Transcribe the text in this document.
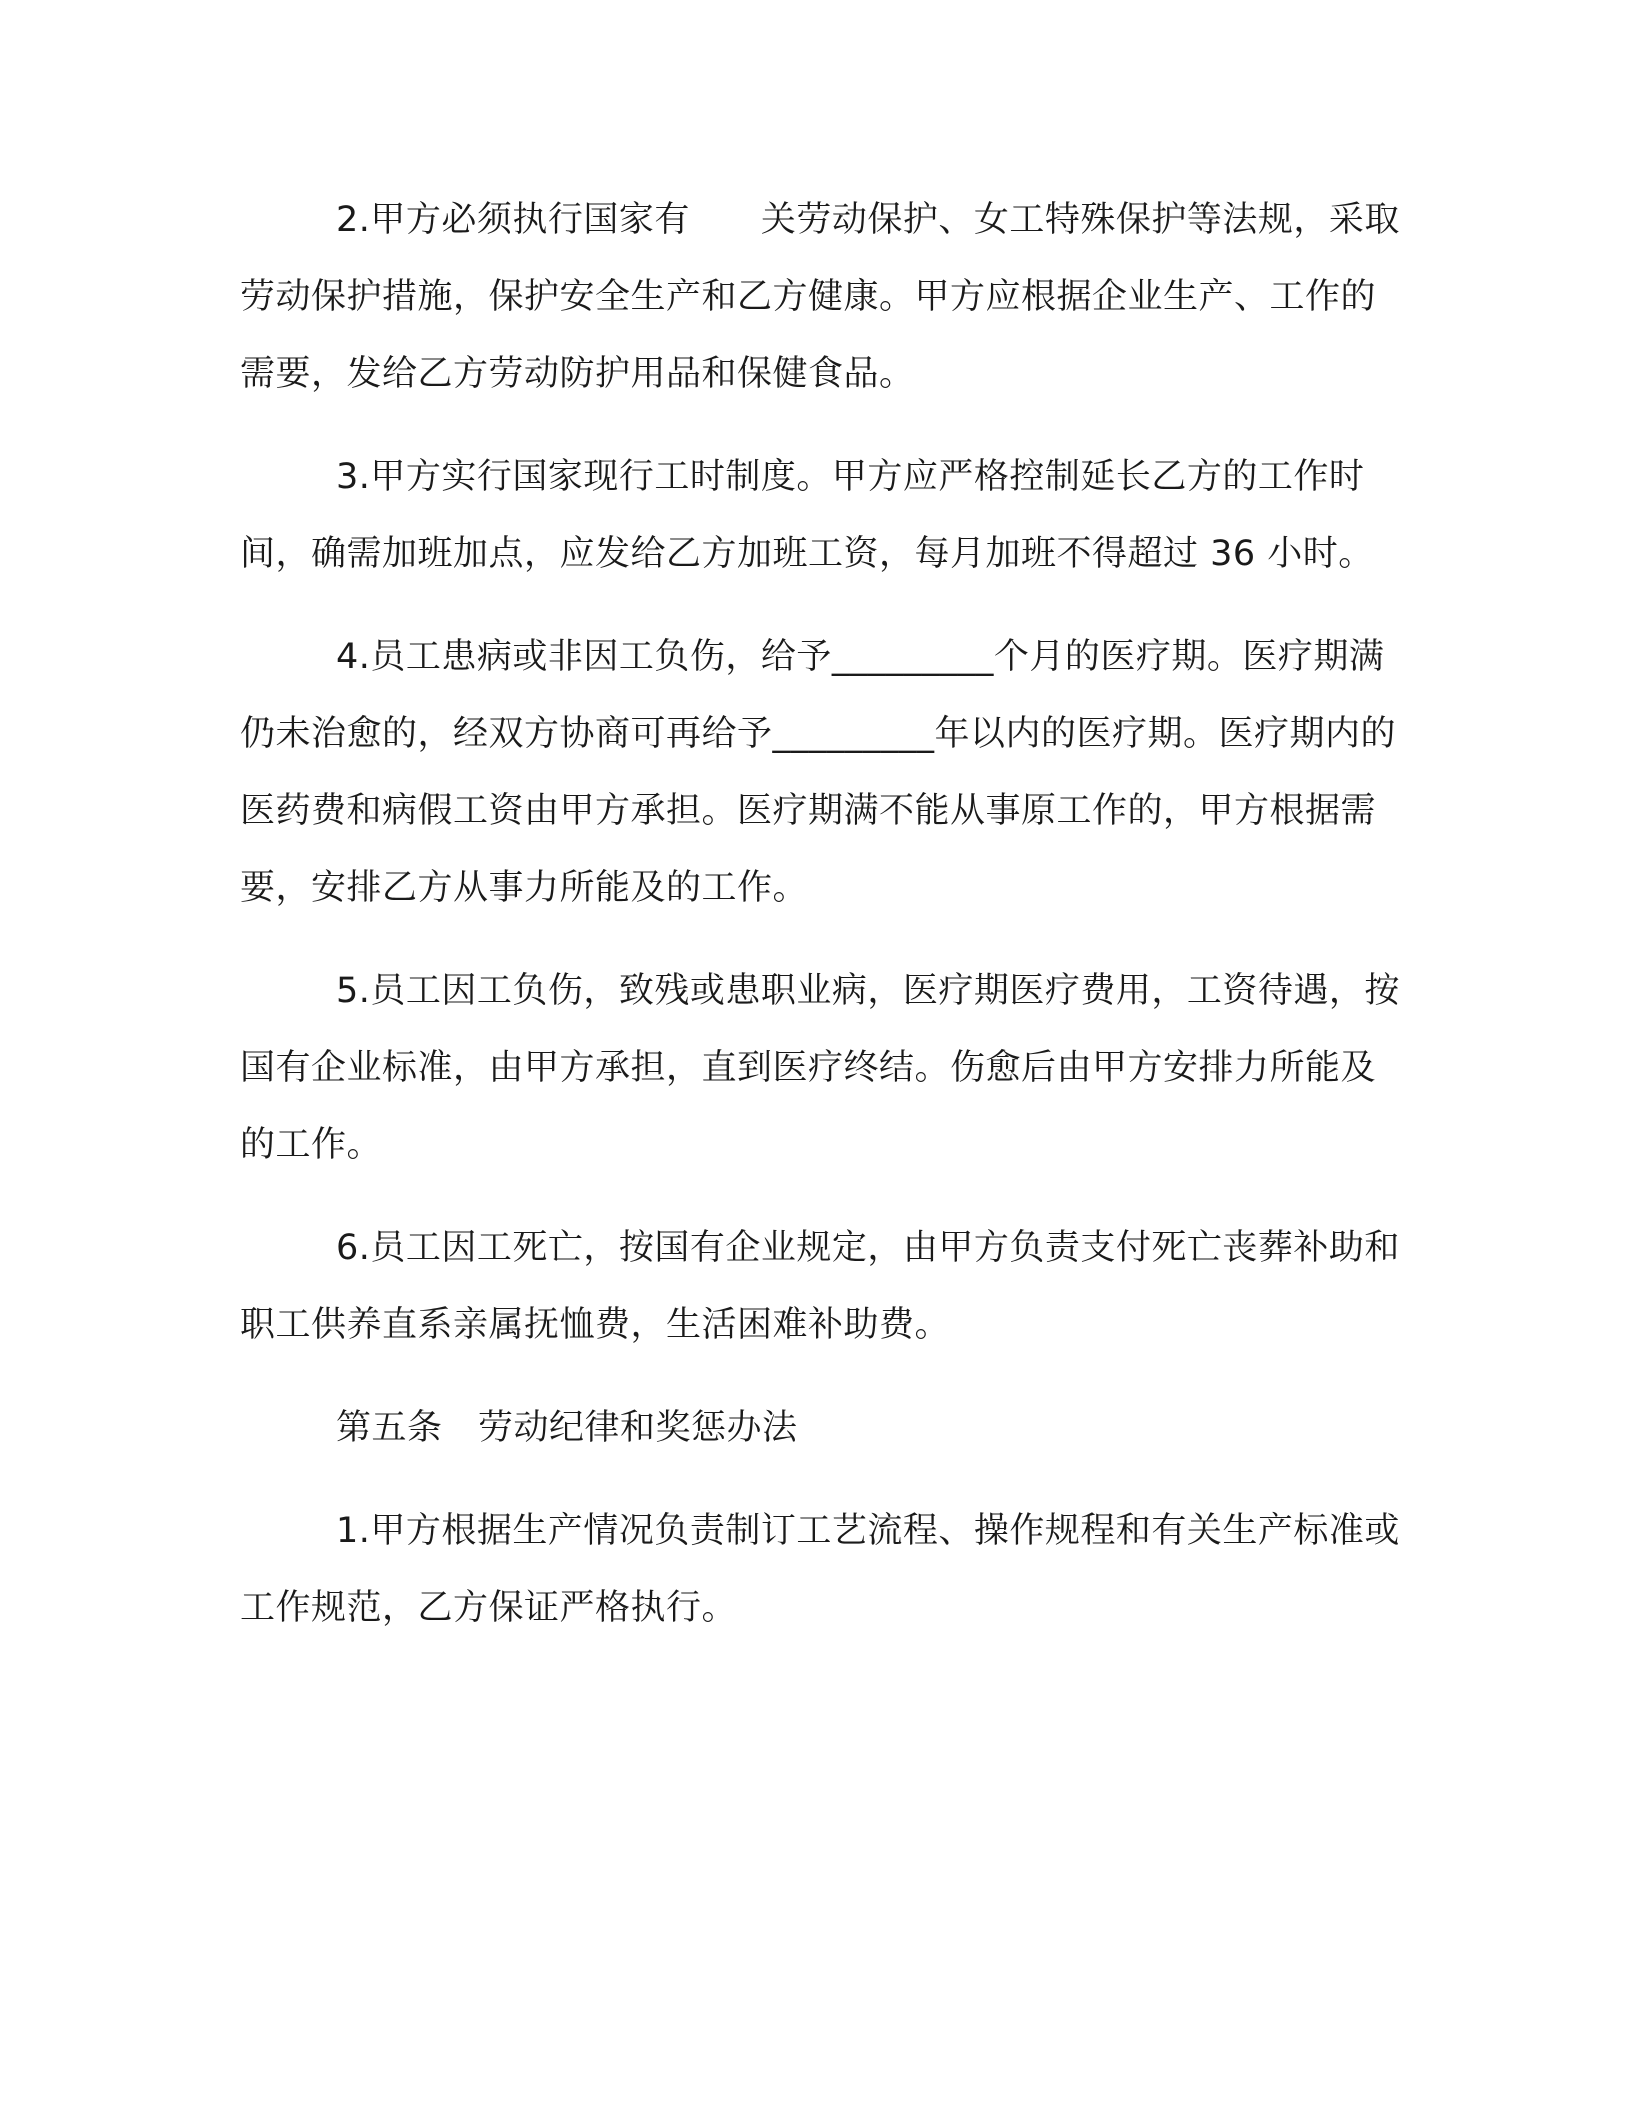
2.甲方必须执行国家有　　关劳动保护、女工特殊保护等法规，采取劳动保护措施，保护安全生产和乙方健康。甲方应根据企业生产、工作的需要，发给乙方劳动防护用品和保健食品。

3.甲方实行国家现行工时制度。甲方应严格控制延长乙方的工作时间，确需加班加点，应发给乙方加班工资，每月加班不得超过 36 小时。

4.员工患病或非因工负伤，给予_________个月的医疗期。医疗期满仍未治愈的，经双方协商可再给予_________年以内的医疗期。医疗期内的医药费和病假工资由甲方承担。医疗期满不能从事原工作的，甲方根据需要，安排乙方从事力所能及的工作。

5.员工因工负伤，致残或患职业病，医疗期医疗费用，工资待遇，按国有企业标准，由甲方承担，直到医疗终结。伤愈后由甲方安排力所能及的工作。

6.员工因工死亡，按国有企业规定，由甲方负责支付死亡丧葬补助和职工供养直系亲属抚恤费，生活困难补助费。

第五条　劳动纪律和奖惩办法

1.甲方根据生产情况负责制订工艺流程、操作规程和有关生产标准或工作规范，乙方保证严格执行。
